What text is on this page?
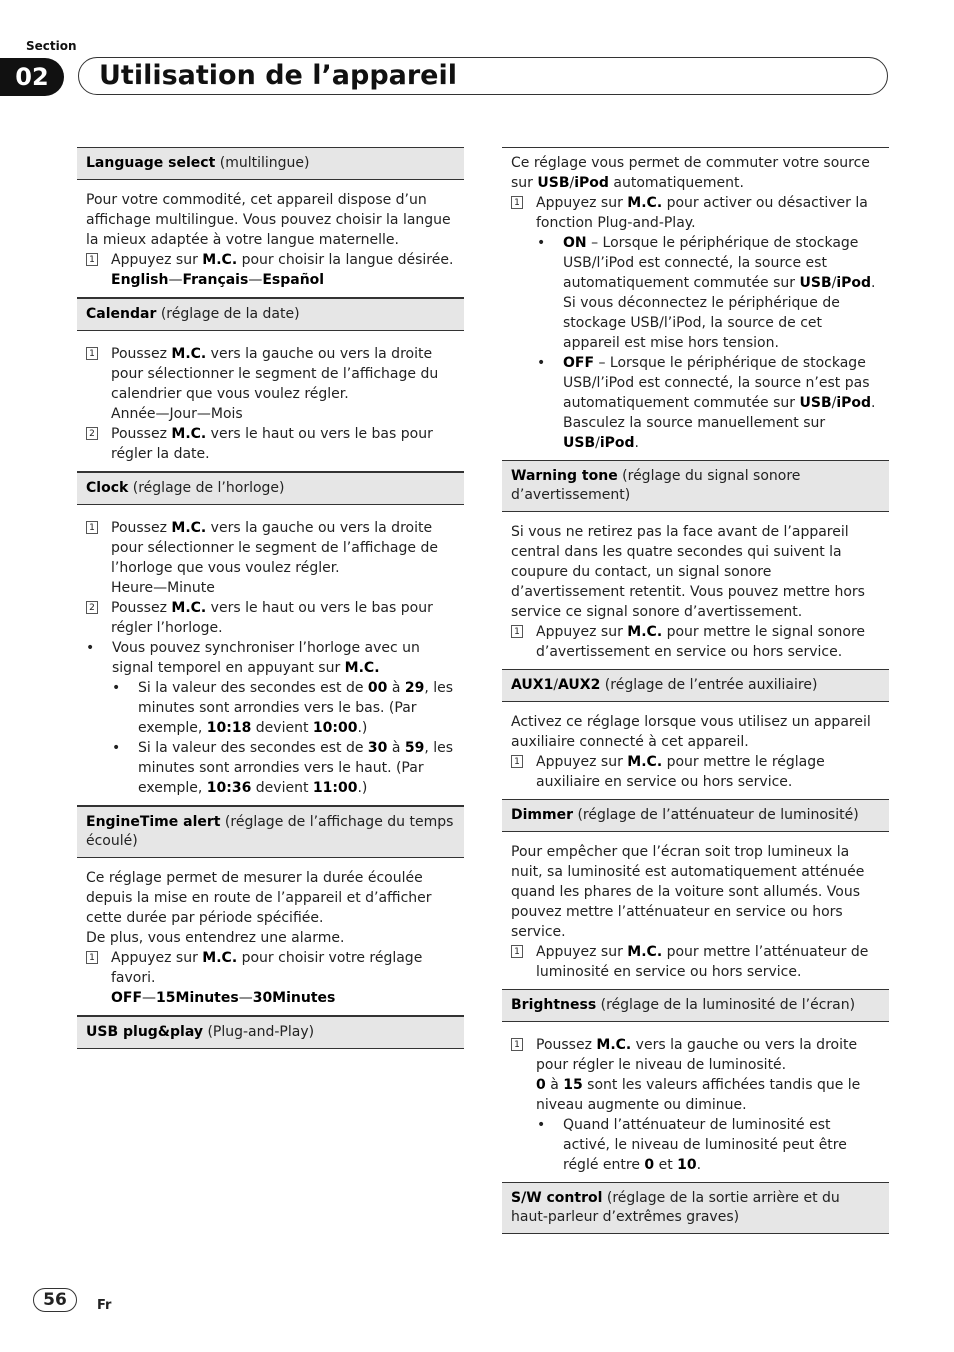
Section
02	Utilisation de l’appareil
Language select (multilingue)
Pour votre commodité, cet appareil dispose d’un affichage multilingue. Vous pouvez choisir la langue la mieux adaptée à votre langue maternelle.
1 Appuyez sur M.C. pour choisir la langue désirée.
English—Français—Español
Calendar (réglage de la date)
1 Poussez M.C. vers la gauche ou vers la droite pour sélectionner le segment de l’affichage du calendrier que vous voulez régler.
Année—Jour—Mois
2 Poussez M.C. vers le haut ou vers le bas pour régler la date.
Clock (réglage de l’horloge)
1 Poussez M.C. vers la gauche ou vers la droite pour sélectionner le segment de l’affichage de l’horloge que vous voulez régler.
Heure—Minute
2 Poussez M.C. vers le haut ou vers le bas pour régler l’horloge.
•	Vous pouvez synchroniser l’horloge avec un signal temporel en appuyant sur M.C.
•	Si la valeur des secondes est de 00 à 29, les minutes sont arrondies vers le bas. (Par exemple, 10:18 devient 10:00.)
•	Si la valeur des secondes est de 30 à 59, les minutes sont arrondies vers le haut. (Par exemple, 10:36 devient 11:00.)
EngineTime alert (réglage de l’affichage du temps écoulé)
Ce réglage permet de mesurer la durée écoulée depuis la mise en route de l’appareil et d’afficher cette durée par période spécifiée.
De plus, vous entendrez une alarme.
1 Appuyez sur M.C. pour choisir votre réglage favori.
OFF—15Minutes—30Minutes
USB plug&play (Plug-and-Play)
Ce réglage vous permet de commuter votre source sur USB/iPod automatiquement.
1 Appuyez sur M.C. pour activer ou désactiver la fonction Plug-and-Play.
•	ON – Lorsque le périphérique de stockage USB/l’iPod est connecté, la source est automatiquement commutée sur USB/iPod. Si vous déconnectez le périphérique de stockage USB/l’iPod, la source de cet appareil est mise hors tension.
•	OFF – Lorsque le périphérique de stockage USB/l’iPod est connecté, la source n’est pas automatiquement commutée sur USB/iPod. Basculez la source manuellement sur USB/iPod.
Warning tone (réglage du signal sonore d’avertissement)
Si vous ne retirez pas la face avant de l’appareil central dans les quatre secondes qui suivent la coupure du contact, un signal sonore d’avertissement retentit. Vous pouvez mettre hors service ce signal sonore d’avertissement.
1 Appuyez sur M.C. pour mettre le signal sonore d’avertissement en service ou hors service.
AUX1/AUX2 (réglage de l’entrée auxiliaire)
Activez ce réglage lorsque vous utilisez un appareil auxiliaire connecté à cet appareil.
1 Appuyez sur M.C. pour mettre le réglage auxiliaire en service ou hors service.
Dimmer (réglage de l’atténuateur de luminosité)
Pour empêcher que l’écran soit trop lumineux la nuit, sa luminosité est automatiquement atténuée quand les phares de la voiture sont allumés. Vous pouvez mettre l’atténuateur en service ou hors service.
1 Appuyez sur M.C. pour mettre l’atténuateur de luminosité en service ou hors service.
Brightness (réglage de la luminosité de l’écran)
1 Poussez M.C. vers la gauche ou vers la droite pour régler le niveau de luminosité.
0 à 15 sont les valeurs affichées tandis que le niveau augmente ou diminue.
•	Quand l’atténuateur de luminosité est activé, le niveau de luminosité peut être réglé entre 0 et 10.
S/W control (réglage de la sortie arrière et du haut-parleur d’extrêmes graves)
56	Fr
